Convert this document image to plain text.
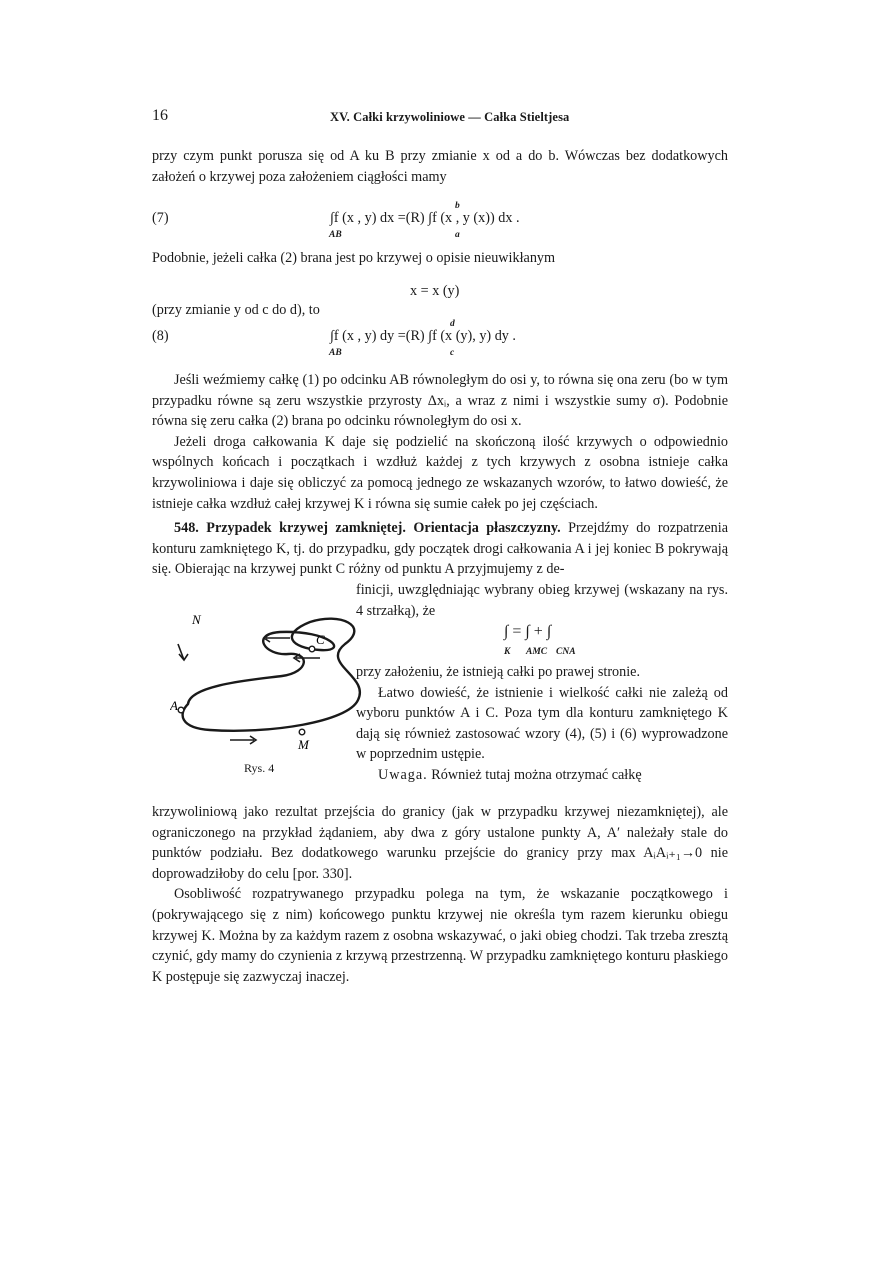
16	XV. Całki krzywoliniowe — Całka Stieltjesa

przy czym punkt porusza się od A ku B przy zmianie x od a do b. Wówczas bez dodatkowych założeń o krzywej poza założeniem ciągłości mamy

(7)	∫f (x , y) dx =(R) ∫f (x , y (x)) dx .
AB
b
a

Podobnie, jeżeli całka (2) brana jest po krzywej o opisie nieuwikłanym

x = x (y)

(przy zmianie y od c do d), to

(8)	∫f (x , y) dy =(R) ∫f (x (y), y) dy .
AB
d
c

Jeśli weźmiemy całkę (1) po odcinku AB równoległym do osi y, to równa się ona zeru (bo w tym przypadku równe są zeru wszystkie przyrosty Δxᵢ, a wraz z nimi i wszystkie sumy σ). Podobnie równa się zeru całka (2) brana po odcinku równoległym do osi x.

Jeżeli droga całkowania K daje się podzielić na skończoną ilość krzywych o odpowiednio wspólnych końcach i początkach i wzdłuż każdej z tych krzywych z osobna istnieje całka krzywoliniowa i daje się obliczyć za pomocą jednego ze wskazanych wzorów, to łatwo dowieść, że istnieje całka wzdłuż całej krzywej K i równa się sumie całek po jej częściach.

548. Przypadek krzywej zamkniętej. Orientacja płaszczyzny. Przejdźmy do rozpatrzenia konturu zamkniętego K, tj. do przypadku, gdy początek drogi całkowania A i jej koniec B pokrywają się. Obierając na krzywej punkt C różny od punktu A przyjmujemy z de-

N
C
A
M
Rys. 4

finicji, uwzględniając wybrany obieg krzywej (wskazany na rys. 4 strzałką), że

∫ = ∫ + ∫
K AMC CNA

przy założeniu, że istnieją całki po prawej stronie.

Łatwo dowieść, że istnienie i wielkość całki nie zależą od wyboru punktów A i C. Poza tym dla konturu zamkniętego K dają się również zastosować wzory (4), (5) i (6) wyprowadzone w poprzednim ustępie.

Uwaga. Również tutaj można otrzymać całkę

krzywoliniową jako rezultat przejścia do granicy (jak w przypadku krzywej niezamkniętej), ale ograniczonego na przykład żądaniem, aby dwa z góry ustalone punkty A, A′ należały stale do punktów podziału. Bez dodatkowego warunku przejście do granicy przy max AᵢAᵢ₊₁→0 nie doprowadziłoby do celu [por. 330].

Osobliwość rozpatrywanego przypadku polega na tym, że wskazanie początkowego i (pokrywającego się z nim) końcowego punktu krzywej nie określa tym razem kierunku obiegu krzywej K. Można by za każdym razem z osobna wskazywać, o jaki obieg chodzi. Tak trzeba zresztą czynić, gdy mamy do czynienia z krzywą przestrzenną. W przypadku zamkniętego konturu płaskiego K postępuje się zazwyczaj inaczej.
